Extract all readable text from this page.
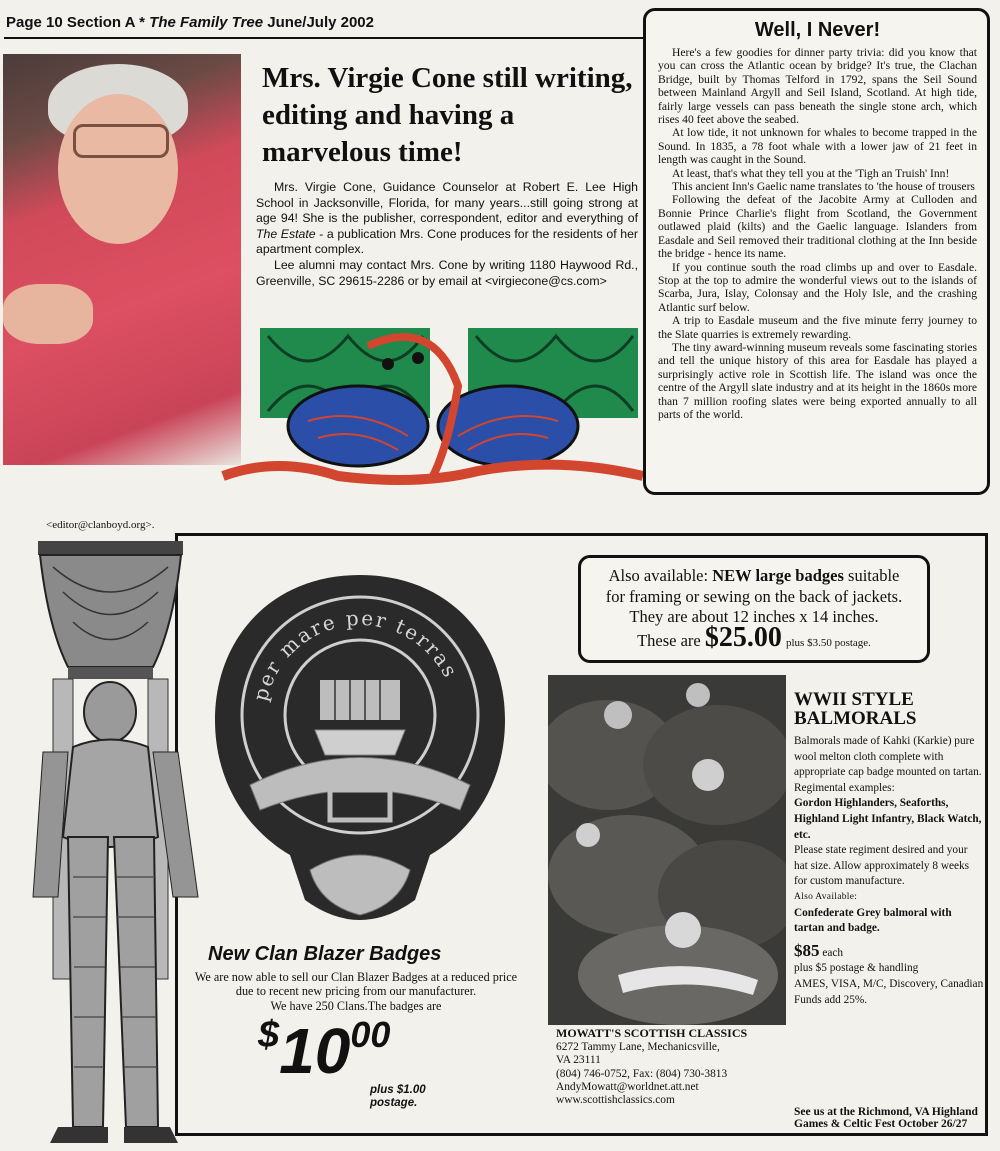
Page 10 Section A * The Family Tree June/July 2002
Mrs. Virgie Cone still writing, editing and having a marvelous time!

Mrs. Virgie Cone, Guidance Counselor at Robert E. Lee High School in Jacksonville, Florida, for many years...still going strong at age 94! She is the publisher, correspondent, editor and everything of The Estate - a publication Mrs. Cone produces for the residents of her apartment complex.

Lee alumni may contact Mrs. Cone by writing 1180 Haywood Rd., Greenville, SC 29615-2286 or by email at <virgiecone@cs.com>

Well, I Never!

Here's a few goodies for dinner party trivia: did you know that you can cross the Atlantic ocean by bridge? It's true, the Clachan Bridge, built by Thomas Telford in 1792, spans the Seil Sound between Mainland Argyll and Seil Island, Scotland. At high tide, fairly large vessels can pass beneath the single stone arch, which rises 40 feet above the seabed.

At low tide, it not unknown for whales to become trapped in the Sound. In 1835, a 78 foot whale with a lower jaw of 21 feet in length was caught in the Sound.

At least, that's what they tell you at the 'Tigh an Truish' Inn!

This ancient Inn's Gaelic name translates to 'the house of trousers

Following the defeat of the Jacobite Army at Culloden and Bonnie Prince Charlie's flight from Scotland, the Government outlawed plaid (kilts) and the Gaelic language. Islanders from Easdale and Seil removed their traditional clothing at the Inn beside the bridge - hence its name.

If you continue south the road climbs up and over to Easdale. Stop at the top to admire the wonderful views out to the islands of Scarba, Jura, Islay, Colonsay and the Holy Isle, and the crashing Atlantic surf below.

A trip to Easdale museum and the five minute ferry journey to the Slate quarries is extremely rewarding.

The tiny award-winning museum reveals some fascinating stories and tell the unique history of this area for Easdale has played a surprisingly active role in Scottish life. The island was once the centre of the Argyll slate industry and at its height in the 1860s more than 7 million roofing slates were being exported annually to all parts of the world.

<editor@clanboyd.org>.
per mare per terras
New Clan Blazer Badges
We are now able to sell our Clan Blazer Badges at a reduced price due to recent new pricing from our manufacturer.
We have 250 Clans.The badges are
$1000
plus $1.00 postage.
Also available: NEW large badges suitable
for framing or sewing on the back of jackets.
They are about 12 inches x 14 inches.
These are $25.00 plus $3.50 postage.
MOWATT'S SCOTTISH CLASSICS
6272 Tammy Lane, Mechanicsville,
VA 23111
(804) 746-0752, Fax: (804) 730-3813
AndyMowatt@worldnet.att.net
www.scottishclassics.com
WWII STYLE
BALMORALS
Balmorals made of Kahki (Karkie) pure wool melton cloth complete with appropriate cap badge mounted on tartan.
Regimental examples:
Gordon Highlanders, Seaforths, Highland Light Infantry, Black Watch, etc.
Please state regiment desired and your hat size. Allow approximately 8 weeks for custom manufacture.
Also Available:
Confederate Grey balmoral with tartan and badge.
$85 each
plus $5 postage & handling
AMES, VISA, M/C, Discovery, Canadian Funds add 25%.
See us at the Richmond, VA Highland Games & Celtic Fest October 26/27
